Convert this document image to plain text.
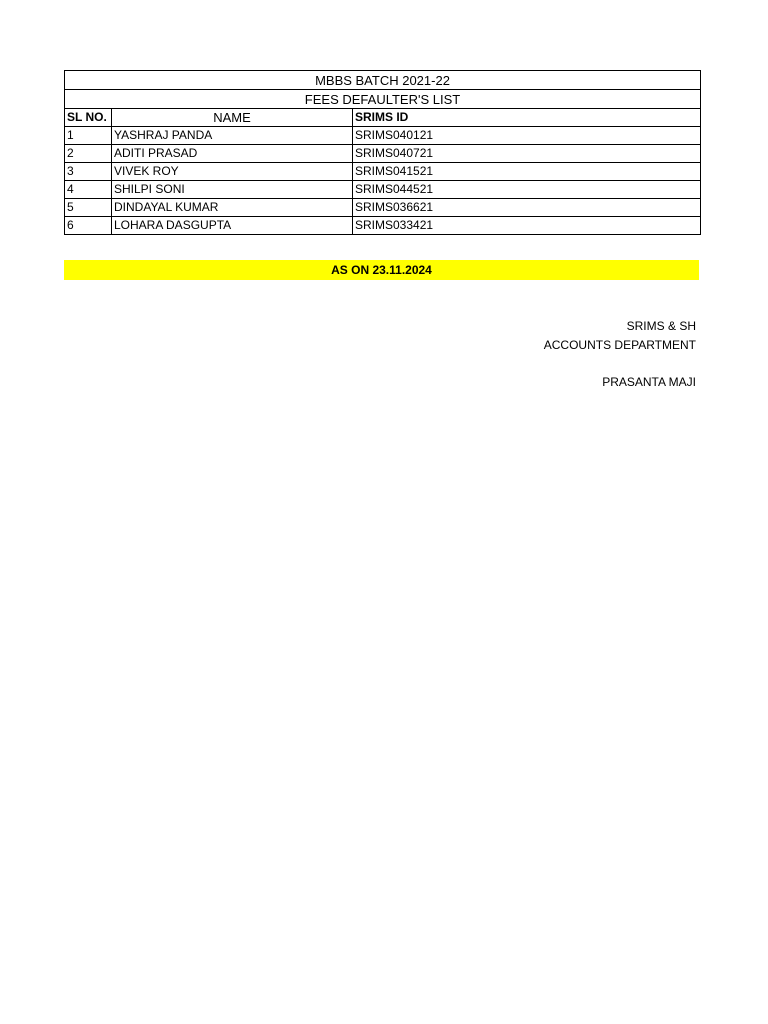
MBBS BATCH 2021-22		
FEES DEFAULTER'S LIST		
SL NO.	NAME	SRIMS ID
1	YASHRAJ PANDA	SRIMS040121
2	ADITI PRASAD	SRIMS040721
3	VIVEK ROY	SRIMS041521
4	SHILPI SONI	SRIMS044521
5	DINDAYAL KUMAR	SRIMS036621
6	LOHARA DASGUPTA	SRIMS033421
AS ON 23.11.2024
SRIMS & SH
ACCOUNTS DEPARTMENT
PRASANTA MAJI
